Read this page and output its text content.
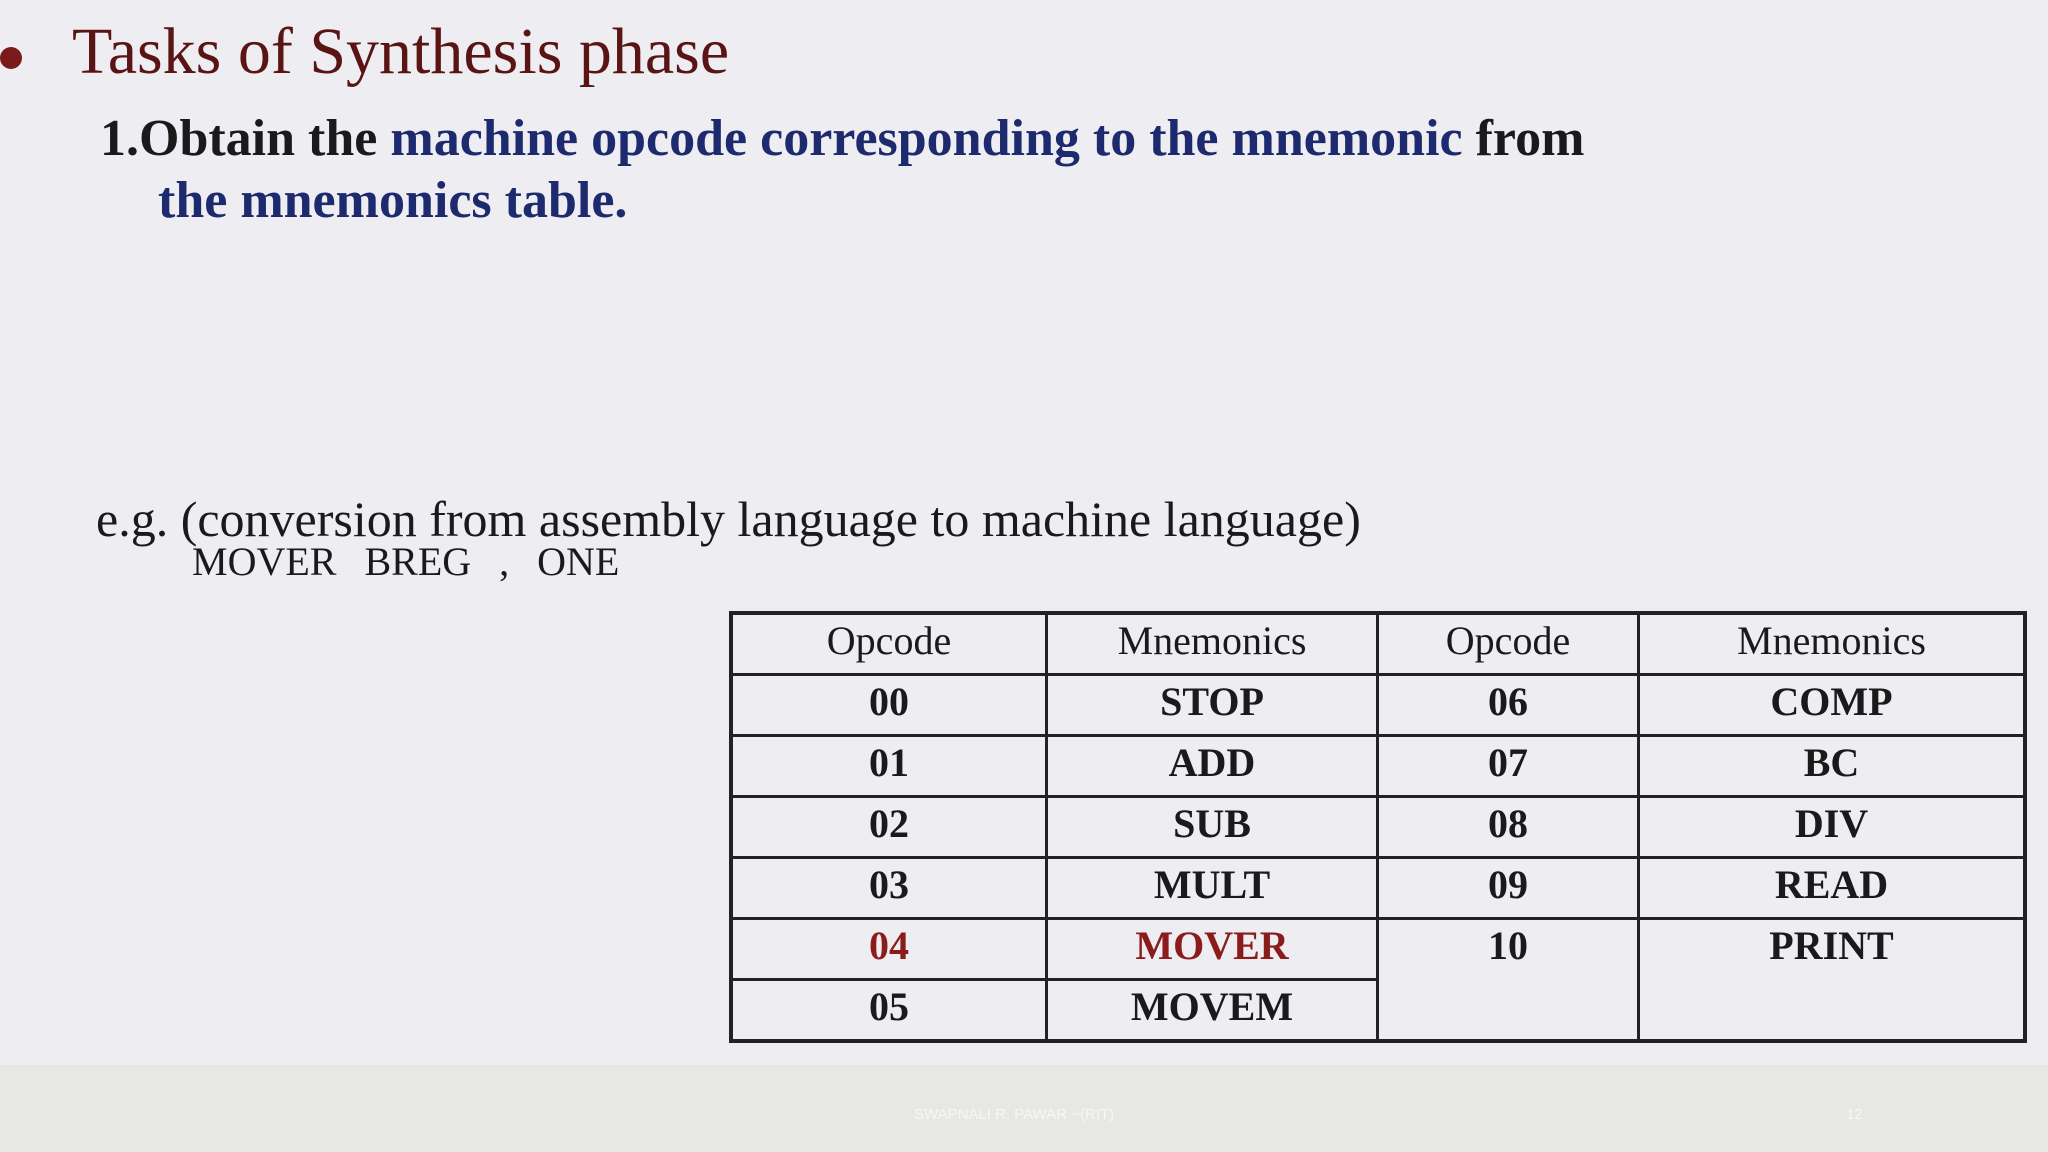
Tasks of Synthesis phase

1.Obtain the machine opcode corresponding to the mnemonic from
the mnemonics table.

e.g. (conversion from assembly language to machine language)

MOVER BREG , ONE

Opcode	Mnemonics	Opcode	Mnemonics
00	STOP	06	COMP
01	ADD	07	BC
02	SUB	08	DIV
03	MULT	09	READ
04	MOVER	10	PRINT
05	MOVEM		
SWAPNALI R. PAWAR ~(RIT)	12
